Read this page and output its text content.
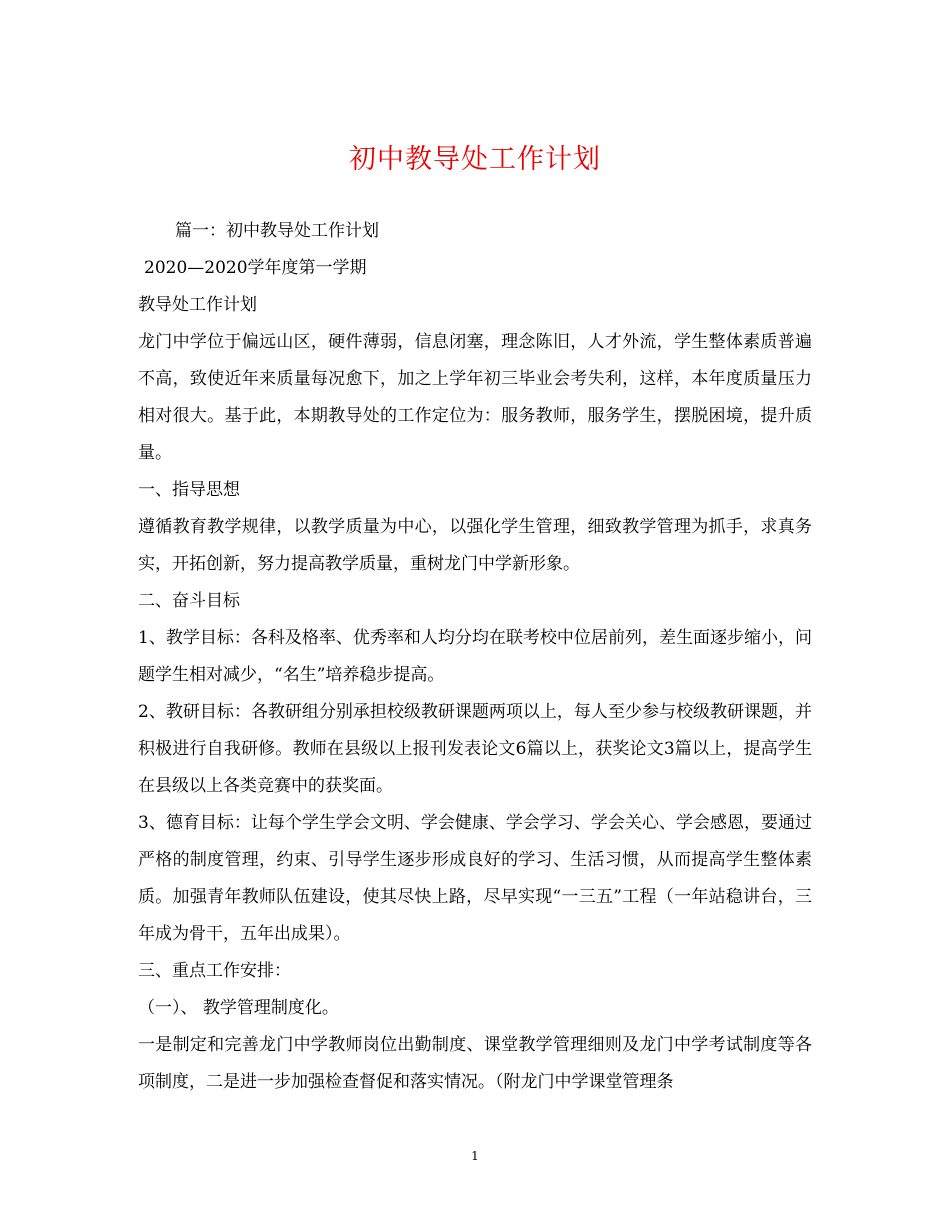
初中教导处工作计划

篇一：初中教导处工作计划

2020—2020学年度第一学期

教导处工作计划

龙门中学位于偏远山区，硬件薄弱，信息闭塞，理念陈旧，人才外流，学生整体素质普遍不高，致使近年来质量每况愈下，加之上学年初三毕业会考失利，这样，本年度质量压力相对很大。基于此，本期教导处的工作定位为：服务教师，服务学生，摆脱困境，提升质量。

一、指导思想

遵循教育教学规律，以教学质量为中心，以强化学生管理，细致教学管理为抓手，求真务实，开拓创新，努力提高教学质量，重树龙门中学新形象。

二、奋斗目标

1、教学目标：各科及格率、优秀率和人均分均在联考校中位居前列，差生面逐步缩小，问题学生相对减少，“名生”培养稳步提高。

2、教研目标：各教研组分别承担校级教研课题两项以上，每人至少参与校级教研课题，并积极进行自我研修。教师在县级以上报刊发表论文6篇以上，获奖论文3篇以上，提高学生在县级以上各类竞赛中的获奖面。

3、德育目标：让每个学生学会文明、学会健康、学会学习、学会关心、学会感恩，要通过严格的制度管理，约束、引导学生逐步形成良好的学习、生活习惯，从而提高学生整体素质。加强青年教师队伍建设，使其尽快上路，尽早实现“一三五”工程（一年站稳讲台，三年成为骨干，五年出成果）。

三、重点工作安排：

（一）、 教学管理制度化。

一是制定和完善龙门中学教师岗位出勤制度、课堂教学管理细则及龙门中学考试制度等各项制度，二是进一步加强检查督促和落实情况。（附龙门中学课堂管理条

1
